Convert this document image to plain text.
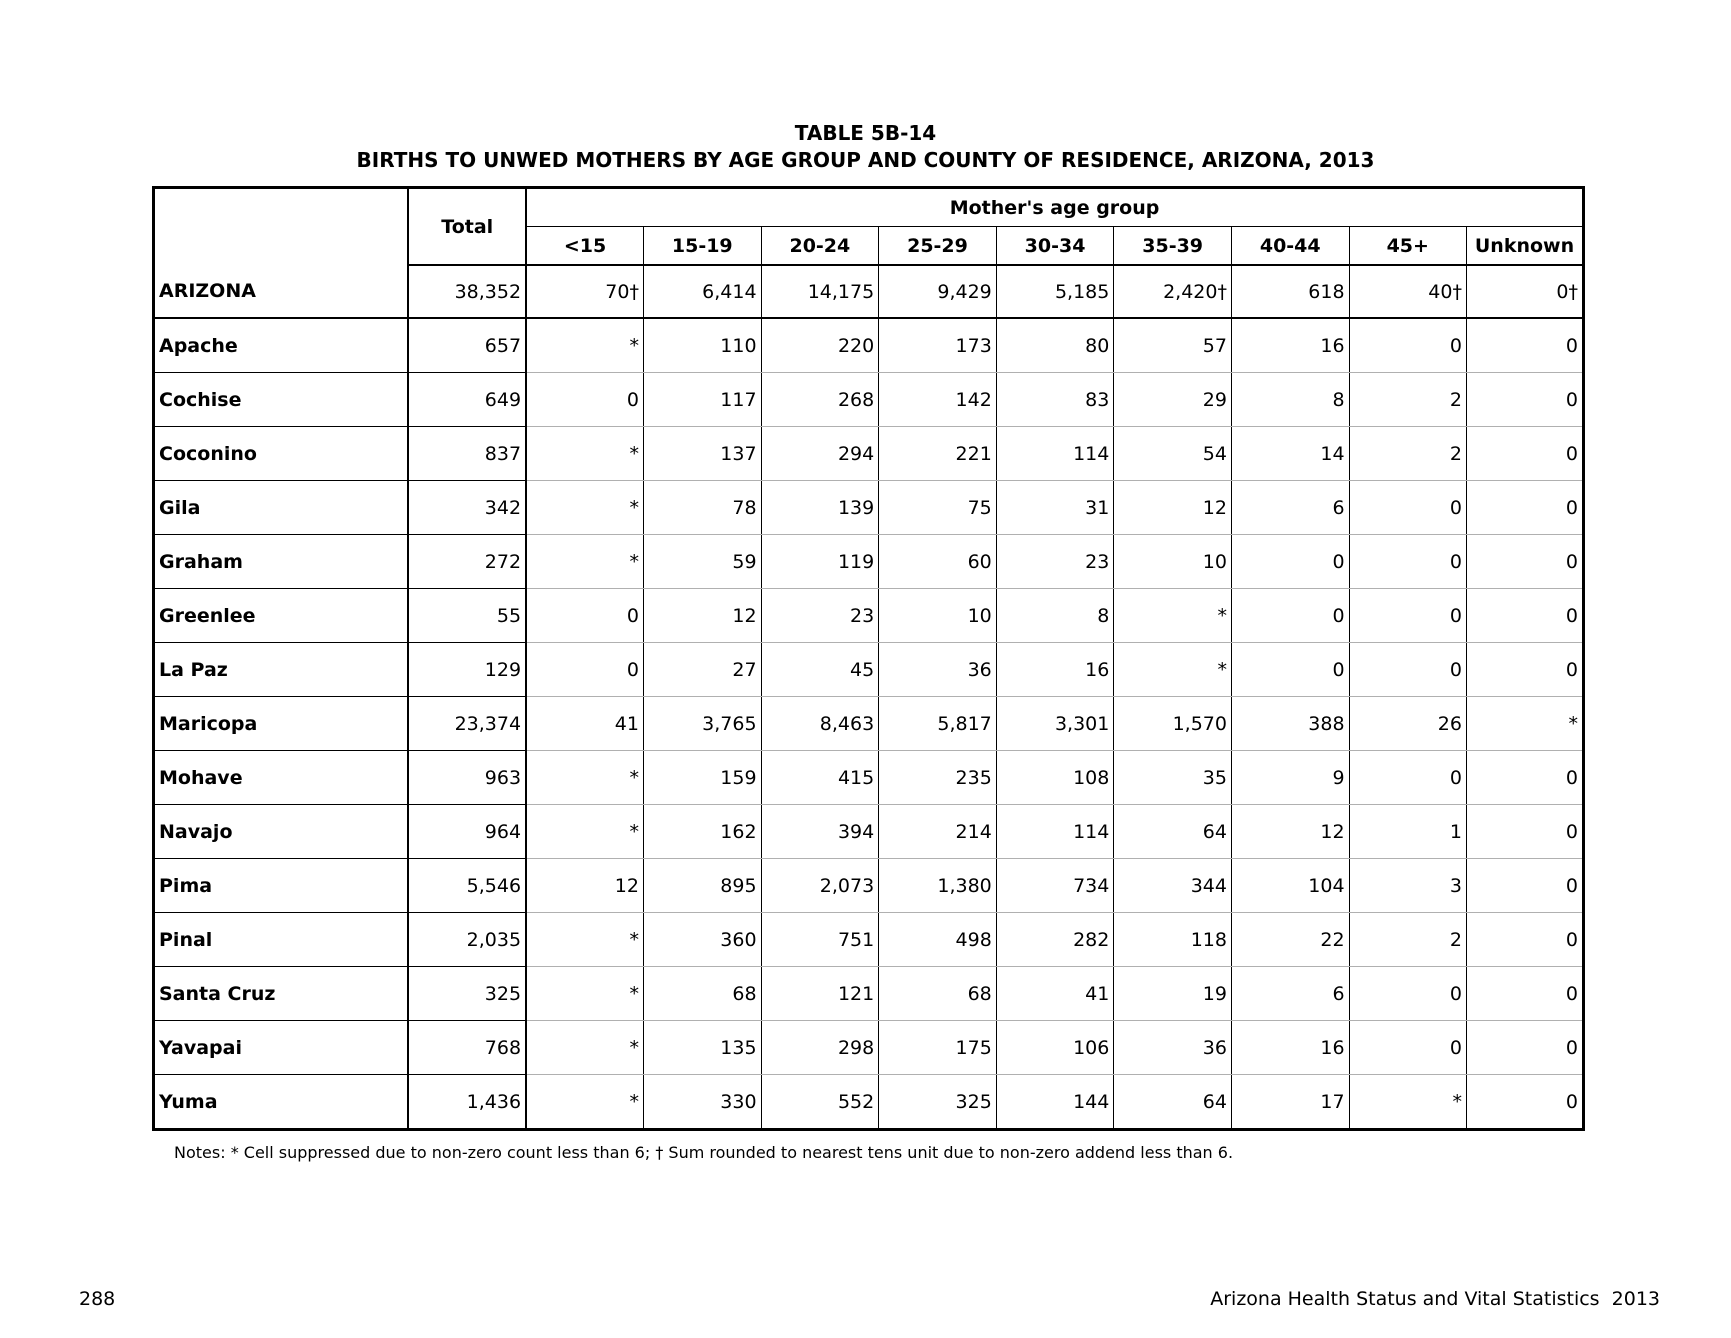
TABLE 5B-14
BIRTHS TO UNWED MOTHERS BY AGE GROUP AND COUNTY OF RESIDENCE, ARIZONA, 2013
	Total	Mother's age group								
		<15	15-19	20-24	25-29	30-34	35-39	40-44	45+	Unknown
ARIZONA	38,352	70†	6,414	14,175	9,429	5,185	2,420†	618	40†	0†
Apache	657	*	110	220	173	80	57	16	0	0
Cochise	649	0	117	268	142	83	29	8	2	0
Coconino	837	*	137	294	221	114	54	14	2	0
Gila	342	*	78	139	75	31	12	6	0	0
Graham	272	*	59	119	60	23	10	0	0	0
Greenlee	55	0	12	23	10	8	*	0	0	0
La Paz	129	0	27	45	36	16	*	0	0	0
Maricopa	23,374	41	3,765	8,463	5,817	3,301	1,570	388	26	*
Mohave	963	*	159	415	235	108	35	9	0	0
Navajo	964	*	162	394	214	114	64	12	1	0
Pima	5,546	12	895	2,073	1,380	734	344	104	3	0
Pinal	2,035	*	360	751	498	282	118	22	2	0
Santa Cruz	325	*	68	121	68	41	19	6	0	0
Yavapai	768	*	135	298	175	106	36	16	0	0
Yuma	1,436	*	330	552	325	144	64	17	*	0
Notes: * Cell suppressed due to non-zero count less than 6; † Sum rounded to nearest tens unit due to non-zero addend less than 6.
288	Arizona Health Status and Vital Statistics  2013
